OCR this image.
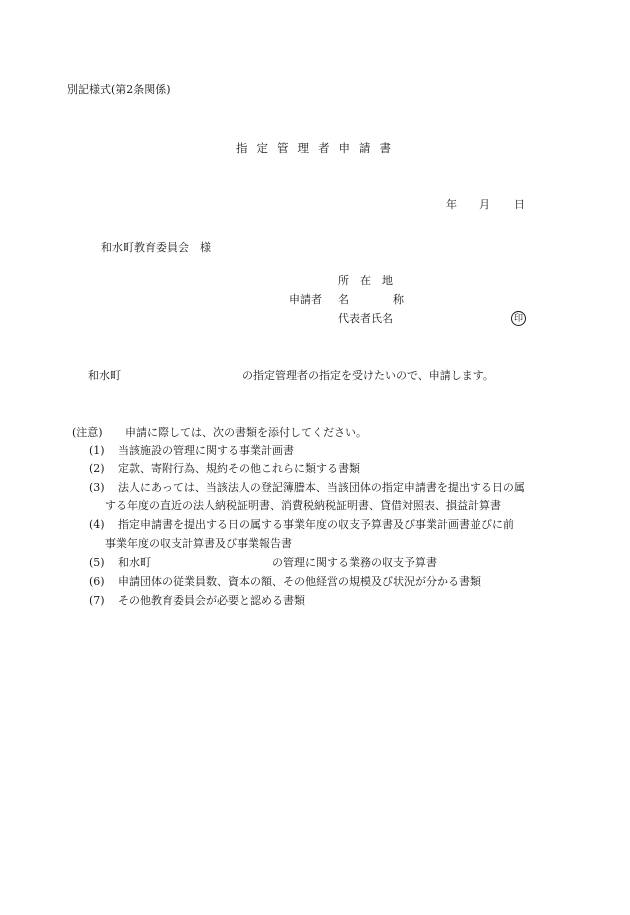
別記様式(第2条関係)
指定管理者申請書
年 月 日
和水町教育委員会　様
所　在　地
申請者 名　　　　称
代表者氏名	印
和水町	の指定管理者の指定を受けたいので、申請します。
(注意) 申請に際しては、次の書類を添付してください。
(1) 当該施設の管理に関する事業計画書
(2) 定款、寄附行為、規約その他これらに類する書類
(3) 法人にあっては、当該法人の登記簿謄本、当該団体の指定申請書を提出する日の属
する年度の直近の法人納税証明書、消費税納税証明書、貸借対照表、損益計算書
(4) 指定申請書を提出する日の属する事業年度の収支予算書及び事業計画書並びに前
事業年度の収支計算書及び事業報告書
(5) 和水町	の管理に関する業務の収支予算書
(6) 申請団体の従業員数、資本の額、その他経営の規模及び状況が分かる書類
(7) その他教育委員会が必要と認める書類
